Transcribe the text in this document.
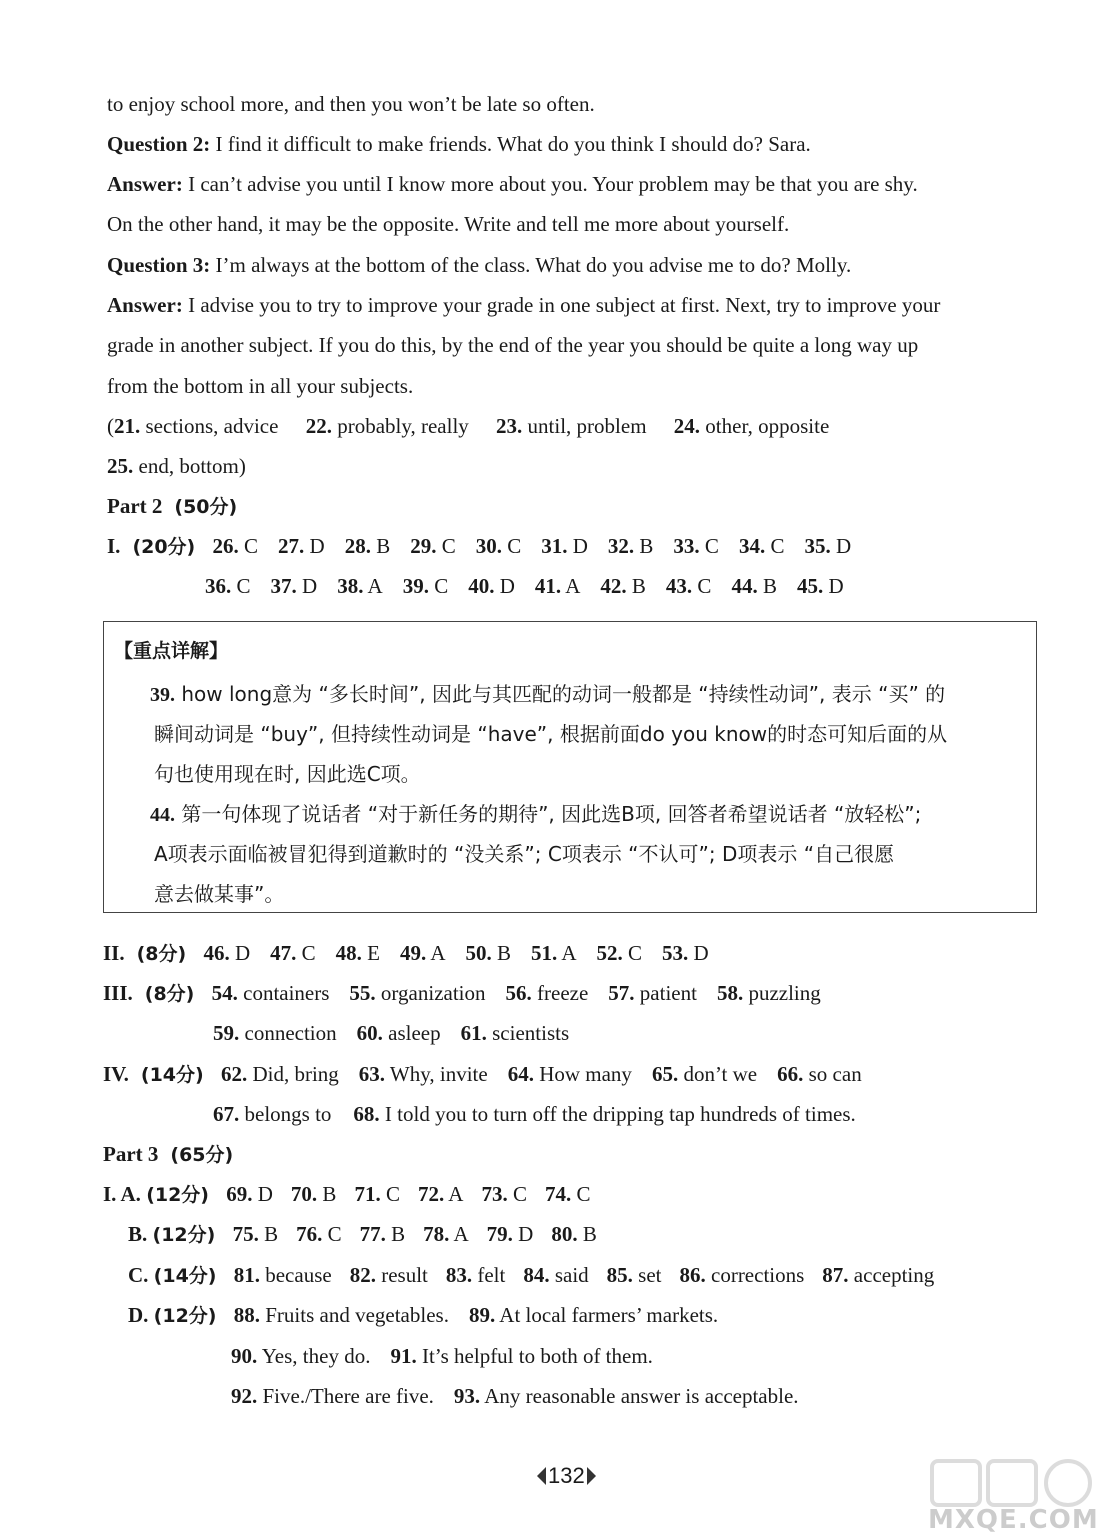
to enjoy school more, and then you won’t be late so often.
Question 2: I find it difficult to make friends. What do you think I should do? Sara.
Answer: I can’t advise you until I know more about you. Your problem may be that you are shy.
On the other hand, it may be the opposite. Write and tell me more about yourself.
Question 3: I’m always at the bottom of the class. What do you advise me to do? Molly.
Answer: I advise you to try to improve your grade in one subject at first. Next, try to improve your
grade in another subject. If you do this, by the end of the year you should be quite a long way up
from the bottom in all your subjects.
(21. sections, advice 22. probably, really 23. until, problem 24. other, opposite
25. end, bottom)
Part 2 (50分)
I. (20分) 26. C 27. D 28. B 29. C 30. C 31. D 32. B 33. C 34. C 35. D
36. C 37. D 38. A 39. C 40. D 41. A 42. B 43. C 44. B 45. D
【重点详解】
39. how long意为 “多长时间”, 因此与其匹配的动词一般都是 “持续性动词”, 表示 “买” 的
瞬间动词是 “buy”, 但持续性动词是 “have”, 根据前面do you know的时态可知后面的从
句也使用现在时, 因此选C项。
44. 第一句体现了说话者 “对于新任务的期待”, 因此选B项, 回答者希望说话者 “放轻松”;
A项表示面临被冒犯得到道歉时的 “没关系”; C项表示 “不认可”; D项表示 “自己很愿
意去做某事”。
II. (8分) 46. D 47. C 48. E 49. A 50. B 51. A 52. C 53. D
III. (8分) 54. containers 55. organization 56. freeze 57. patient 58. puzzling
59. connection 60. asleep 61. scientists
IV. (14分) 62. Did, bring 63. Why, invite 64. How many 65. don’t we 66. so can
67. belongs to 68. I told you to turn off the dripping tap hundreds of times.
Part 3 (65分)
I. A. (12分) 69. D 70. B 71. C 72. A 73. C 74. C
B. (12分) 75. B 76. C 77. B 78. A 79. D 80. B
C. (14分) 81. because 82. result 83. felt 84. said 85. set 86. corrections 87. accepting
D. (12分) 88. Fruits and vegetables. 89. At local farmers’ markets.
90. Yes, they do. 91. It’s helpful to both of them.
92. Five./There are five. 93. Any reasonable answer is acceptable.
132
MXQE.COM
